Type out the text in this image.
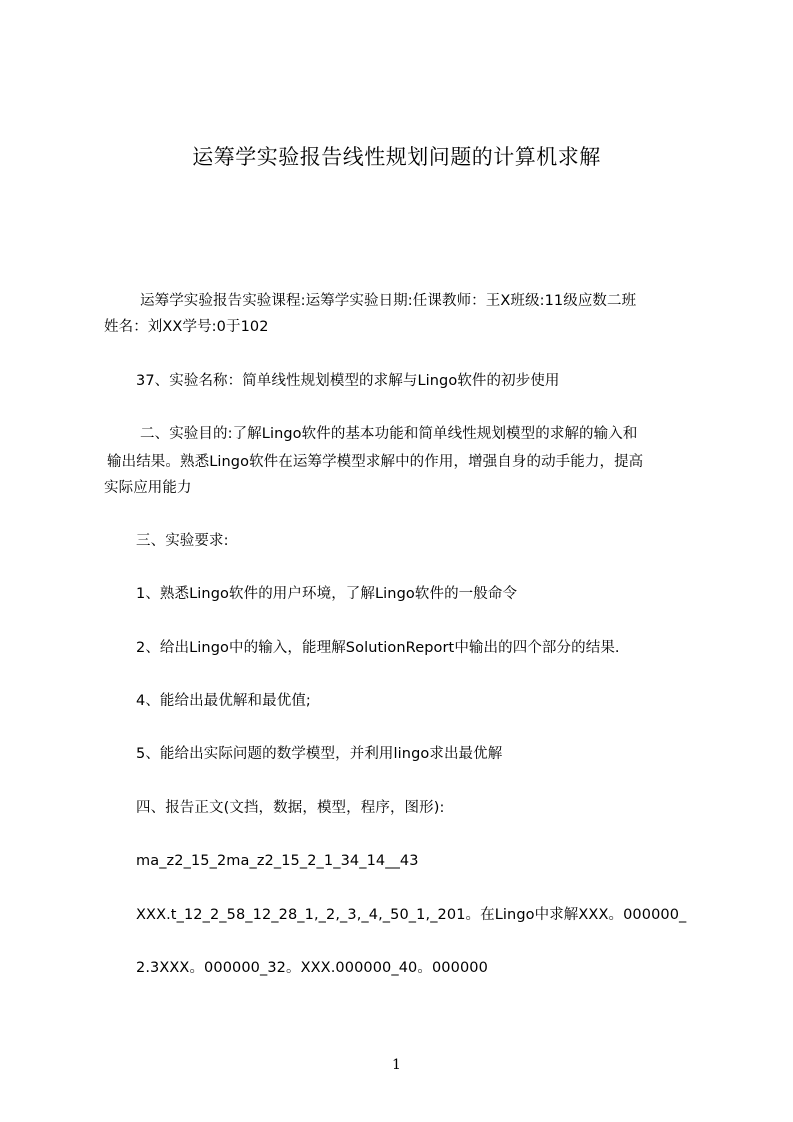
运筹学实验报告线性规划问题的计算机求解
运筹学实验报告实验课程:运筹学实验日期:任课教师：王X班级:11级应数二班
姓名：刘XX学号:0于102
37、实验名称：简单线性规划模型的求解与Lingo软件的初步使用
二、实验目的:了解Lingo软件的基本功能和简单线性规划模型的求解的输入和
输出结果。熟悉Lingo软件在运筹学模型求解中的作用，增强自身的动手能力，提高
实际应用能力
三、实验要求:
1、熟悉Lingo软件的用户环境，了解Lingo软件的一般命令
2、给出Lingo中的输入，能理解SolutionReport中输出的四个部分的结果.
4、能给出最优解和最优值;
5、能给出实际问题的数学模型，并利用lingo求出最优解
四、报告正文(文挡，数据，模型，程序，图形):
ma_z2_15_2ma_z2_15_2_1_34_14__43
XXX.t_12_2_58_12_28_1,_2,_3,_4,_50_1,_201。在Lingo中求解XXX。000000_
2.3XXX。000000_32。XXX.000000_40。000000
1
